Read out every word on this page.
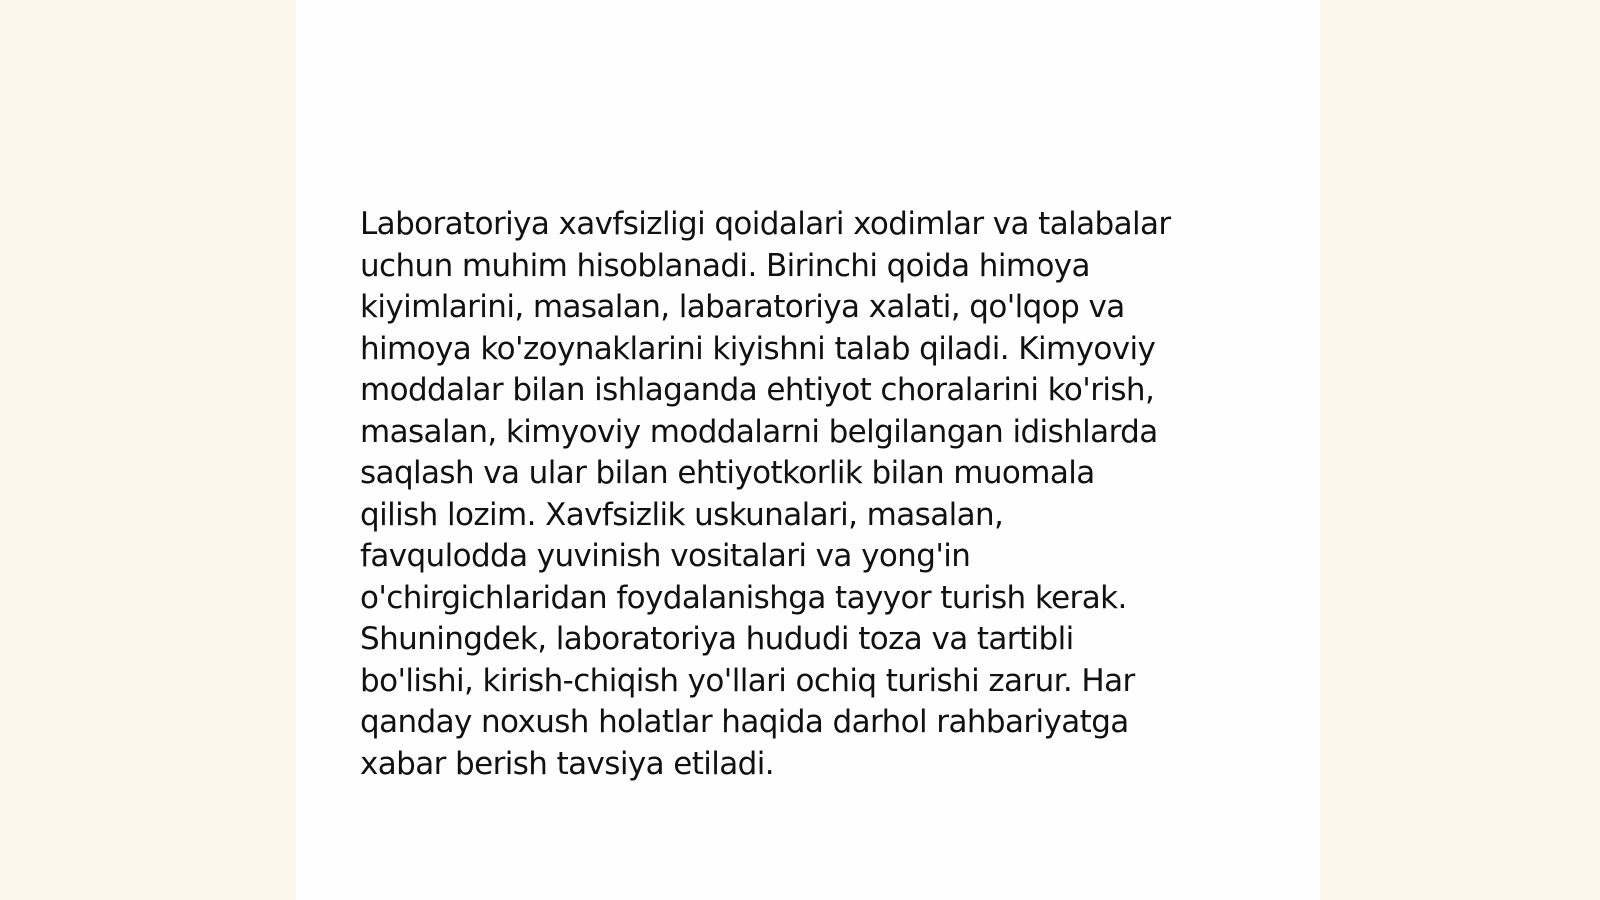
Laboratoriya xavfsizligi qoidalari xodimlar va talabalar
uchun muhim hisoblanadi. Birinchi qoida himoya
kiyimlarini, masalan, labaratoriya xalati, qo'lqop va
himoya ko'zoynaklarini kiyishni talab qiladi. Kimyoviy
moddalar bilan ishlaganda ehtiyot choralarini ko'rish,
masalan, kimyoviy moddalarni belgilangan idishlarda
saqlash va ular bilan ehtiyotkorlik bilan muomala
qilish lozim. Xavfsizlik uskunalari, masalan,
favqulodda yuvinish vositalari va yong'in
o'chirgichlaridan foydalanishga tayyor turish kerak.
Shuningdek, laboratoriya hududi toza va tartibli
bo'lishi, kirish-chiqish yo'llari ochiq turishi zarur. Har
qanday noxush holatlar haqida darhol rahbariyatga
xabar berish tavsiya etiladi.
